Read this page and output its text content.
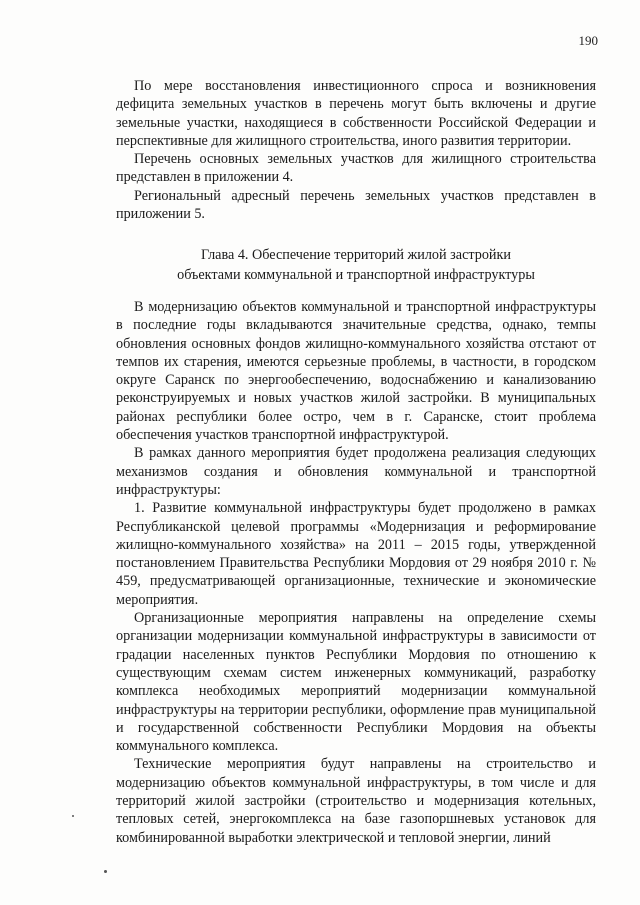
190

По мере восстановления инвестиционного спроса и возникновения дефицита земельных участков в перечень могут быть включены и другие земельные участки, находящиеся в собственности Российской Федерации и перспективные для жилищного строительства, иного развития территории.

Перечень основных земельных участков для жилищного строительства представлен в приложении 4.

Региональный адресный перечень земельных участков представлен в приложении 5.

Глава 4. Обеспечение территорий жилой застройки
объектами коммунальной и транспортной инфраструктуры

В модернизацию объектов коммунальной и транспортной инфраструктуры в последние годы вкладываются значительные средства, однако, темпы обновления основных фондов жилищно-коммунального хозяйства отстают от темпов их старения, имеются серьезные проблемы, в частности, в городском округе Саранск по энергообеспечению, водоснабжению и канализованию реконструируемых и новых участков жилой застройки. В муниципальных районах республики более остро, чем в г. Саранске, стоит проблема обеспечения участков транспортной инфраструктурой.

В рамках данного мероприятия будет продолжена реализация следующих механизмов создания и обновления коммунальной и транспортной инфраструктуры:

1. Развитие коммунальной инфраструктуры будет продолжено в рамках Республиканской целевой программы «Модернизация и реформирование жилищно-коммунального хозяйства» на 2011 – 2015 годы, утвержденной постановлением Правительства Республики Мордовия от 29 ноября 2010 г. № 459, предусматривающей организационные, технические и экономические мероприятия.

Организационные мероприятия направлены на определение схемы организации модернизации коммунальной инфраструктуры в зависимости от градации населенных пунктов Республики Мордовия по отношению к существующим схемам систем инженерных коммуникаций, разработку комплекса необходимых мероприятий модернизации коммунальной инфраструктуры на территории республики, оформление прав муниципальной и государственной собственности Республики Мордовия на объекты коммунального комплекса.

Технические мероприятия будут направлены на строительство и модернизацию объектов коммунальной инфраструктуры, в том числе и для территорий жилой застройки (строительство и модернизация котельных, тепловых сетей, энергокомплекса на базе газопоршневых установок для комбинированной выработки электрической и тепловой энергии, линий
